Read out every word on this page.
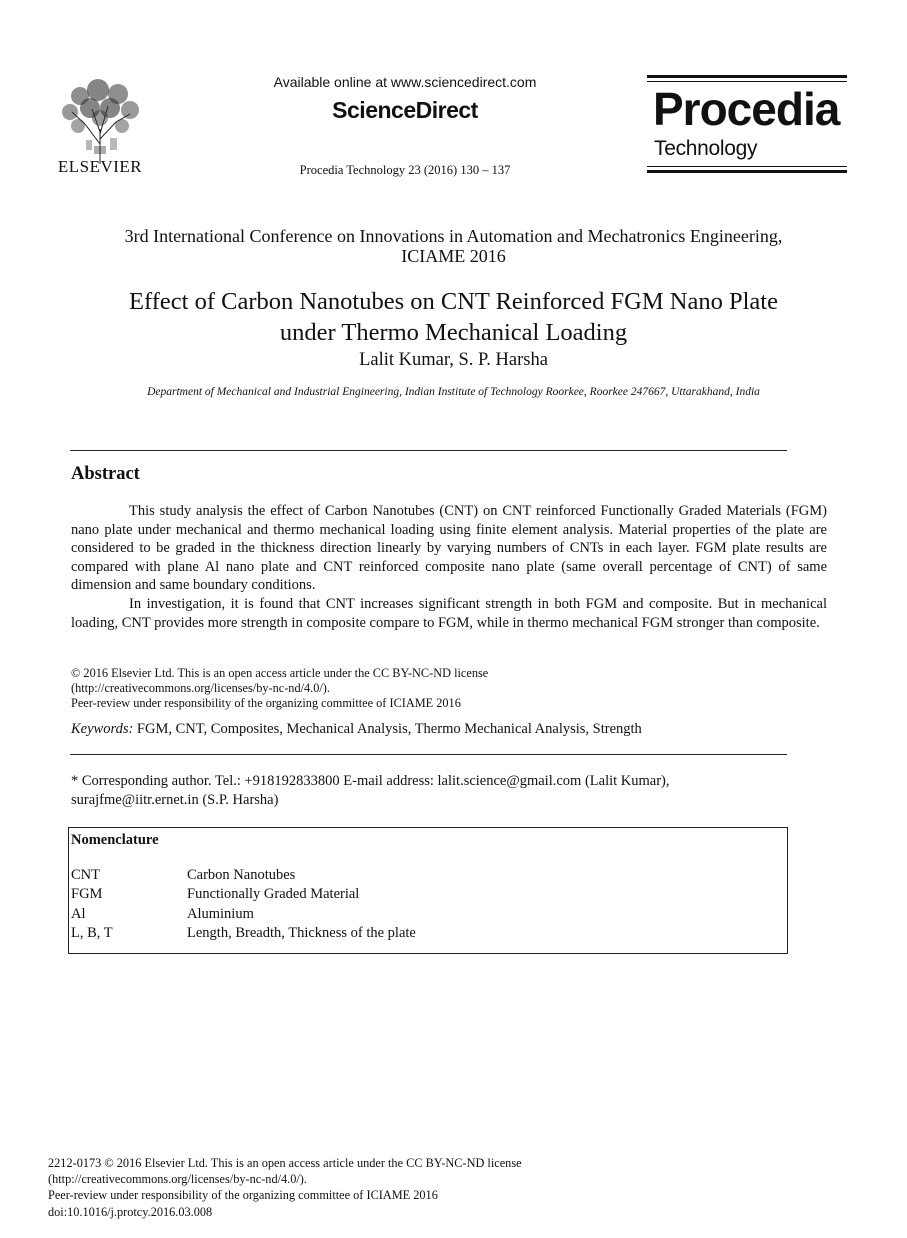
ELSEVIER
Available online at www.sciencedirect.com
ScienceDirect
Procedia Technology 23 (2016) 130 – 137
Procedia
Technology
3rd International Conference on Innovations in Automation and Mechatronics Engineering,
ICIAME 2016
Effect of Carbon Nanotubes on CNT Reinforced FGM Nano Plate
under Thermo Mechanical Loading
Lalit Kumar, S. P. Harsha
Department of Mechanical and Industrial Engineering, Indian Institute of Technology Roorkee, Roorkee 247667, Uttarakhand, India
Abstract

This study analysis the effect of Carbon Nanotubes (CNT) on CNT reinforced Functionally Graded Materials (FGM) nano plate under mechanical and thermo mechanical loading using finite element analysis. Material properties of the plate are considered to be graded in the thickness direction linearly by varying numbers of CNTs in each layer. FGM plate results are compared with plane Al nano plate and CNT reinforced composite nano plate (same overall percentage of CNT) of same dimension and same boundary conditions.

In investigation, it is found that CNT increases significant strength in both FGM and composite. But in mechanical loading, CNT provides more strength in composite compare to FGM, while in thermo mechanical FGM stronger than composite.

© 2016 Elsevier Ltd. This is an open access article under the CC BY-NC-ND license
(http://creativecommons.org/licenses/by-nc-nd/4.0/).
Peer-review under responsibility of the organizing committee of ICIAME 2016
Keywords: FGM, CNT, Composites, Mechanical Analysis, Thermo Mechanical Analysis, Strength
* Corresponding author. Tel.: +918192833800 E-mail address: lalit.science@gmail.com (Lalit Kumar),
surajfme@iitr.ernet.in (S.P. Harsha)
Nomenclature
CNT	Carbon Nanotubes
FGM	Functionally Graded Material
Al	Aluminium
L, B, T	Length, Breadth, Thickness of the plate
2212-0173 © 2016 Elsevier Ltd. This is an open access article under the CC BY-NC-ND license
(http://creativecommons.org/licenses/by-nc-nd/4.0/).
Peer-review under responsibility of the organizing committee of ICIAME 2016
doi:10.1016/j.protcy.2016.03.008
